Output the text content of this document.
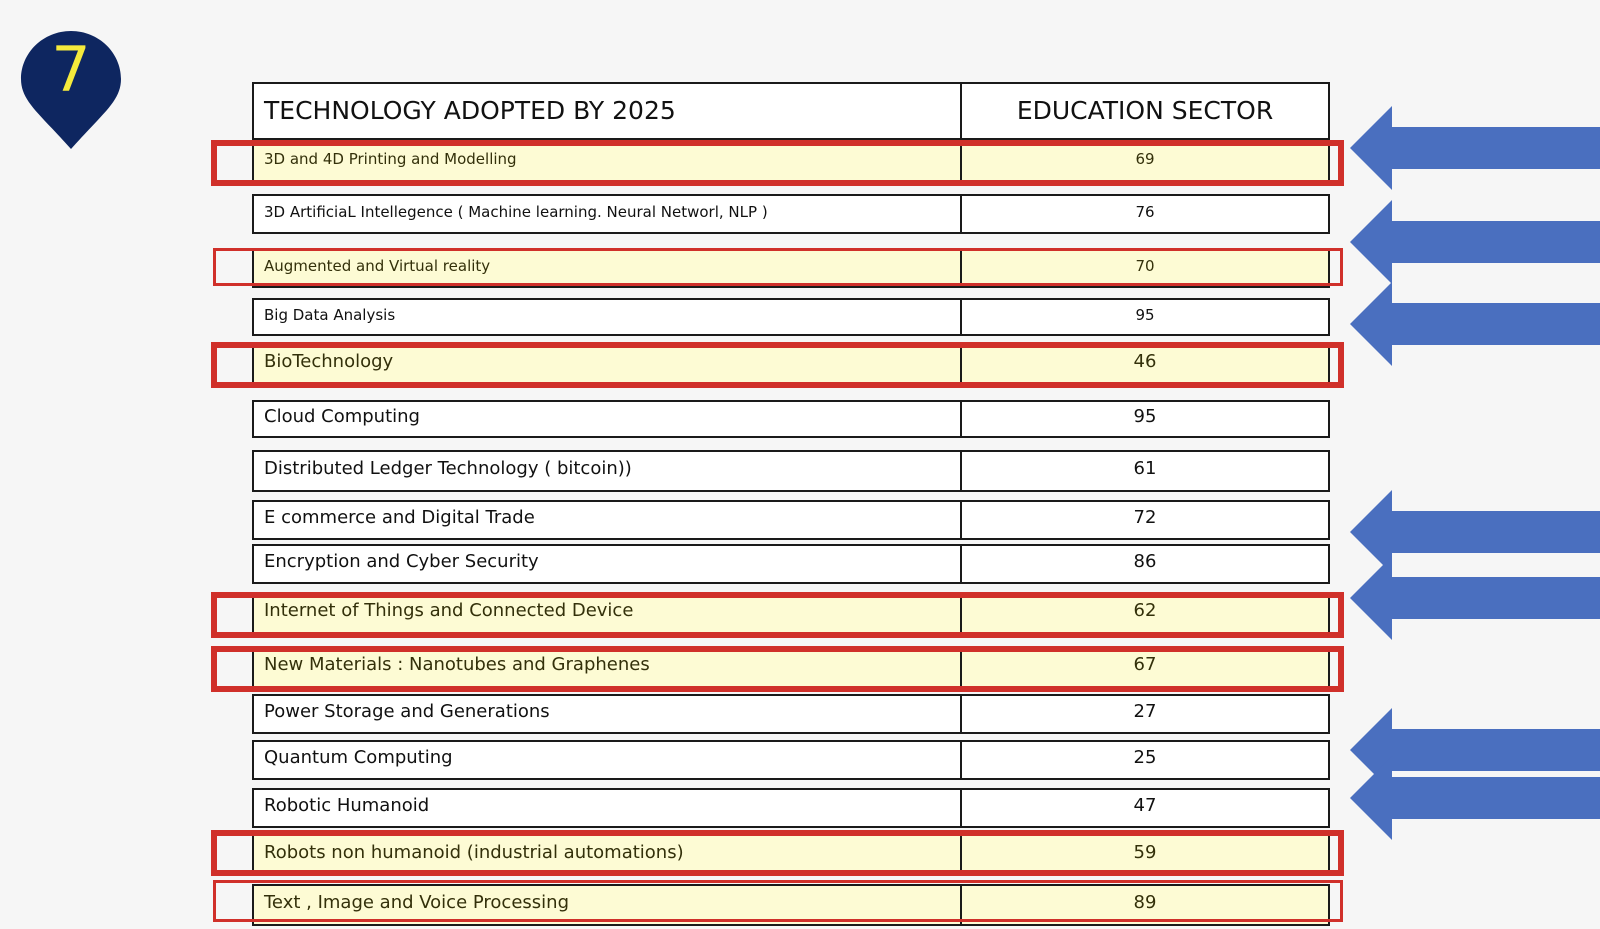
7
TECHNOLOGY ADOPTED BY 2025	EDUCATION SECTOR
3D and 4D Printing and Modelling	69
3D ArtificiaL Intellegence ( Machine learning. Neural Networl, NLP )	76
Augmented and Virtual reality	70
Big Data Analysis	95
BioTechnology	46
Cloud Computing	95
Distributed Ledger Technology ( bitcoin))	61
E commerce and Digital Trade	72
Encryption and Cyber Security	86
Internet of Things and Connected Device	62
New Materials : Nanotubes and Graphenes	67
Power Storage and Generations	27
Quantum Computing	25
Robotic Humanoid	47
Robots non humanoid (industrial automations)	59
Text , Image and Voice Processing	89
